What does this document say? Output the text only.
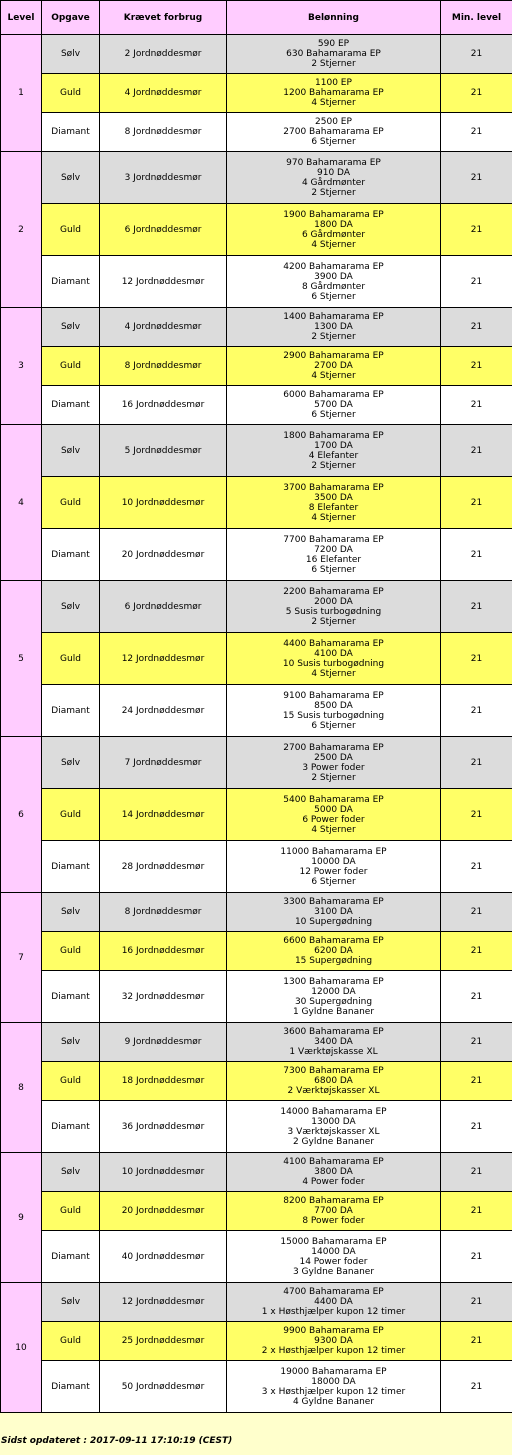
Level	Opgave	Krævet forbrug	Belønning	Min. level
1	Sølv	2 Jordnøddesmør	590 EP
630 Bahamarama EP
2 Stjerner	21
	Guld	4 Jordnøddesmør	1100 EP
1200 Bahamarama EP
4 Stjerner	21
	Diamant	8 Jordnøddesmør	2500 EP
2700 Bahamarama EP
6 Stjerner	21
2	Sølv	3 Jordnøddesmør	970 Bahamarama EP
910 DA
4 Gårdmønter
2 Stjerner	21
	Guld	6 Jordnøddesmør	1900 Bahamarama EP
1800 DA
6 Gårdmønter
4 Stjerner	21
	Diamant	12 Jordnøddesmør	4200 Bahamarama EP
3900 DA
8 Gårdmønter
6 Stjerner	21
3	Sølv	4 Jordnøddesmør	1400 Bahamarama EP
1300 DA
2 Stjerner	21
	Guld	8 Jordnøddesmør	2900 Bahamarama EP
2700 DA
4 Stjerner	21
	Diamant	16 Jordnøddesmør	6000 Bahamarama EP
5700 DA
6 Stjerner	21
4	Sølv	5 Jordnøddesmør	1800 Bahamarama EP
1700 DA
4 Elefanter
2 Stjerner	21
	Guld	10 Jordnøddesmør	3700 Bahamarama EP
3500 DA
8 Elefanter
4 Stjerner	21
	Diamant	20 Jordnøddesmør	7700 Bahamarama EP
7200 DA
16 Elefanter
6 Stjerner	21
5	Sølv	6 Jordnøddesmør	2200 Bahamarama EP
2000 DA
5 Susis turbogødning
2 Stjerner	21
	Guld	12 Jordnøddesmør	4400 Bahamarama EP
4100 DA
10 Susis turbogødning
4 Stjerner	21
	Diamant	24 Jordnøddesmør	9100 Bahamarama EP
8500 DA
15 Susis turbogødning
6 Stjerner	21
6	Sølv	7 Jordnøddesmør	2700 Bahamarama EP
2500 DA
3 Power foder
2 Stjerner	21
	Guld	14 Jordnøddesmør	5400 Bahamarama EP
5000 DA
6 Power foder
4 Stjerner	21
	Diamant	28 Jordnøddesmør	11000 Bahamarama EP
10000 DA
12 Power foder
6 Stjerner	21
7	Sølv	8 Jordnøddesmør	3300 Bahamarama EP
3100 DA
10 Supergødning	21
	Guld	16 Jordnøddesmør	6600 Bahamarama EP
6200 DA
15 Supergødning	21
	Diamant	32 Jordnøddesmør	1300 Bahamarama EP
12000 DA
30 Supergødning
1 Gyldne Bananer	21
8	Sølv	9 Jordnøddesmør	3600 Bahamarama EP
3400 DA
1 Værktøjskasse XL	21
	Guld	18 Jordnøddesmør	7300 Bahamarama EP
6800 DA
2 Værktøjskasser XL	21
	Diamant	36 Jordnøddesmør	14000 Bahamarama EP
13000 DA
3 Værktøjskasser XL
2 Gyldne Bananer	21
9	Sølv	10 Jordnøddesmør	4100 Bahamarama EP
3800 DA
4 Power foder	21
	Guld	20 Jordnøddesmør	8200 Bahamarama EP
7700 DA
8 Power foder	21
	Diamant	40 Jordnøddesmør	15000 Bahamarama EP
14000 DA
14 Power foder
3 Gyldne Bananer	21
10	Sølv	12 Jordnøddesmør	4700 Bahamarama EP
4400 DA
1 x Høsthjælper kupon 12 timer	21
	Guld	25 Jordnøddesmør	9900 Bahamarama EP
9300 DA
2 x Høsthjælper kupon 12 timer	21
	Diamant	50 Jordnøddesmør	19000 Bahamarama EP
18000 DA
3 x Høsthjælper kupon 12 timer
4 Gyldne Bananer	21
Sidst opdateret : 2017-09-11 17:10:19 (CEST)
